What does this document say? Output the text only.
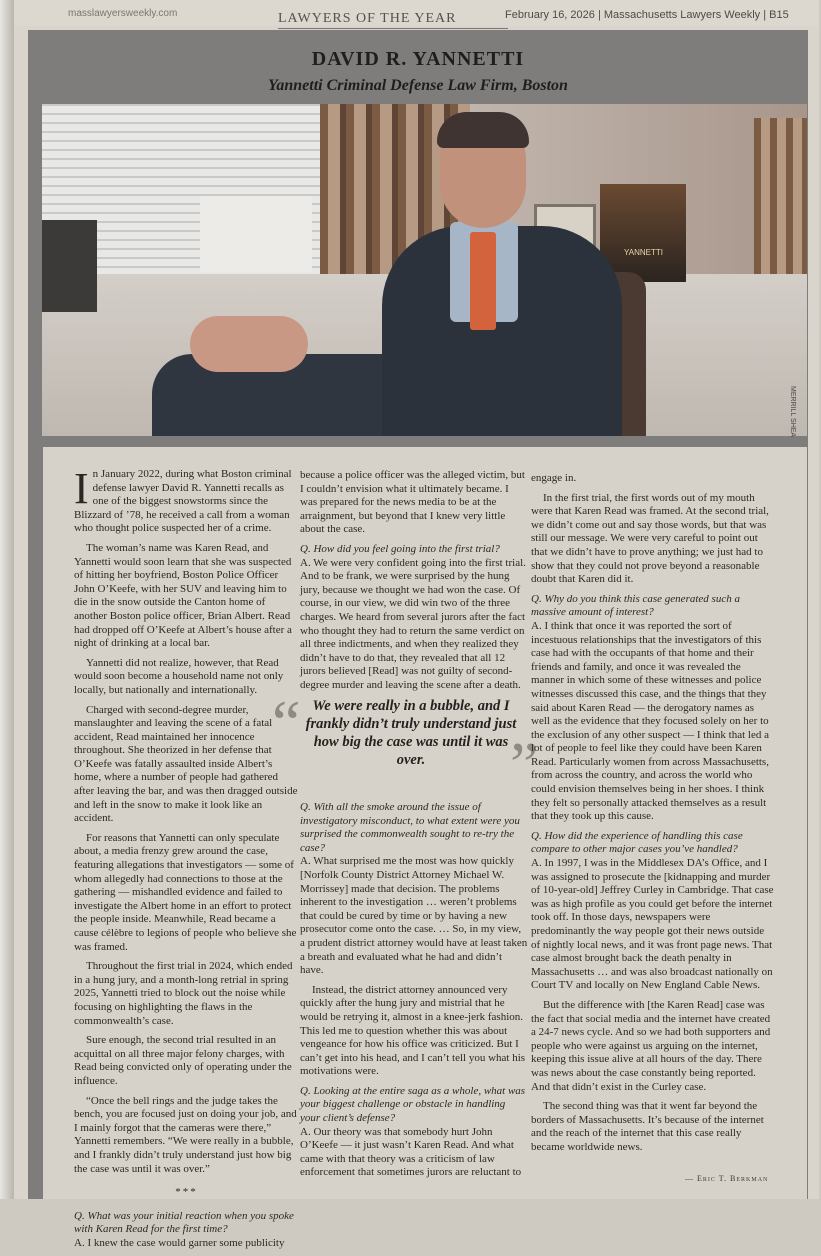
masslawyersweekly.com	LAWYERS OF THE YEAR	February 16, 2026 | Massachusetts Lawyers Weekly | B15
DAVID R. YANNETTI
Yannetti Criminal Defense Law Firm, Boston
YANNETTI
MERRILL SHEA

In January 2022, during what Boston criminal defense lawyer David R. Yannetti recalls as one of the biggest snowstorms since the Blizzard of ’78, he received a call from a woman who thought police suspected her of a crime.

The woman’s name was Karen Read, and Yannetti would soon learn that she was suspected of hitting her boyfriend, Boston Police Officer John O’Keefe, with her SUV and leaving him to die in the snow outside the Canton home of another Boston police officer, Brian Albert. Read had dropped off O’Keefe at Albert’s house after a night of drinking at a local bar.

Yannetti did not realize, however, that Read would soon become a household name not only locally, but nationally and internationally.

Charged with second-degree murder, manslaughter and leaving the scene of a fatal accident, Read maintained her innocence throughout. She theorized in her defense that O’Keefe was fatally assaulted inside Albert’s home, where a number of people had gathered after leaving the bar, and was then dragged outside and left in the snow to make it look like an accident.

For reasons that Yannetti can only speculate about, a media frenzy grew around the case, featuring allegations that investigators — some of whom allegedly had connections to those at the gathering — mishandled evidence and failed to investigate the Albert home in an effort to protect the people inside. Meanwhile, Read became a cause célèbre to legions of people who believe she was framed.

Throughout the first trial in 2024, which ended in a hung jury, and a month-long retrial in spring 2025, Yannetti tried to block out the noise while focusing on highlighting the flaws in the commonwealth’s case.

Sure enough, the second trial resulted in an acquittal on all three major felony charges, with Read being convicted only of operating under the influence.

“Once the bell rings and the judge takes the bench, you are focused just on doing your job, and I mainly forgot that the cameras were there,” Yannetti remembers. “We were really in a bubble, and I frankly didn’t truly understand just how big the case was until it was over.”

***

Q. What was your initial reaction when you spoke with Karen Read for the first time?

A. I knew the case would garner some publicity

because a police officer was the alleged victim, but I couldn’t envision what it ultimately became. I was prepared for the news media to be at the arraignment, but beyond that I knew very little about the case.

Q. How did you feel going into the first trial?

A. We were very confident going into the first trial. And to be frank, we were surprised by the hung jury, because we thought we had won the case. Of course, in our view, we did win two of the three charges. We heard from several jurors after the fact who thought they had to return the same verdict on all three indictments, and when they realized they didn’t have to do that, they revealed that all 12 jurors believed [Read] was not guilty of second-degree murder and leaving the scene after a death.

“ We were really in a bubble, and I frankly didn’t truly understand just how big the case was until it was over.	”

Q. With all the smoke around the issue of investigatory misconduct, to what extent were you surprised the commonwealth sought to re-try the case?

A. What surprised me the most was how quickly [Norfolk County District Attorney Michael W. Morrissey] made that decision. The problems inherent to the investigation … weren’t problems that could be cured by time or by having a new prosecutor come onto the case. … So, in my view, a prudent district attorney would have at least taken a breath and evaluated what he had and didn’t have.

Instead, the district attorney announced very quickly after the hung jury and mistrial that he would be retrying it, almost in a knee-jerk fashion. This led me to question whether this was about vengeance for how his office was criticized. But I can’t get into his head, and I can’t tell you what his motivations were.

Q. Looking at the entire saga as a whole, what was your biggest challenge or obstacle in handling your client’s defense?

A. Our theory was that somebody hurt John O’Keefe — it just wasn’t Karen Read. And what came with that theory was a criticism of law enforcement that sometimes jurors are reluctant to

engage in.

In the first trial, the first words out of my mouth were that Karen Read was framed. At the second trial, we didn’t come out and say those words, but that was still our message. We were very careful to point out that we didn’t have to prove anything; we just had to show that they could not prove beyond a reasonable doubt that Karen did it.

Q. Why do you think this case generated such a massive amount of interest?

A. I think that once it was reported the sort of incestuous relationships that the investigators of this case had with the occupants of that home and their friends and family, and once it was revealed the manner in which some of these witnesses and police witnesses discussed this case, and the things that they said about Karen Read — the derogatory names as well as the evidence that they focused solely on her to the exclusion of any other suspect — I think that led a lot of people to feel like they could have been Karen Read. Particularly women from across Massachusetts, from across the country, and across the world who could envision themselves being in her shoes. I think they felt so personally attacked themselves as a result that they took up this cause.

Q. How did the experience of handling this case compare to other major cases you’ve handled?

A. In 1997, I was in the Middlesex DA’s Office, and I was assigned to prosecute the [kidnapping and murder of 10-year-old] Jeffrey Curley in Cambridge. That case was as high profile as you could get before the internet took off. In those days, newspapers were predominantly the way people got their news outside of nightly local news, and it was front page news. That case almost brought back the death penalty in Massachusetts … and was also broadcast nationally on Court TV and locally on New England Cable News.

But the difference with [the Karen Read] case was the fact that social media and the internet have created a 24-7 news cycle. And so we had both supporters and people who were against us arguing on the internet, keeping this issue alive at all hours of the day. There was news about the case constantly being reported. And that didn’t exist in the Curley case.

The second thing was that it went far beyond the borders of Massachusetts. It’s because of the internet and the reach of the internet that this case really became worldwide news.

— Eric T. Berkman
